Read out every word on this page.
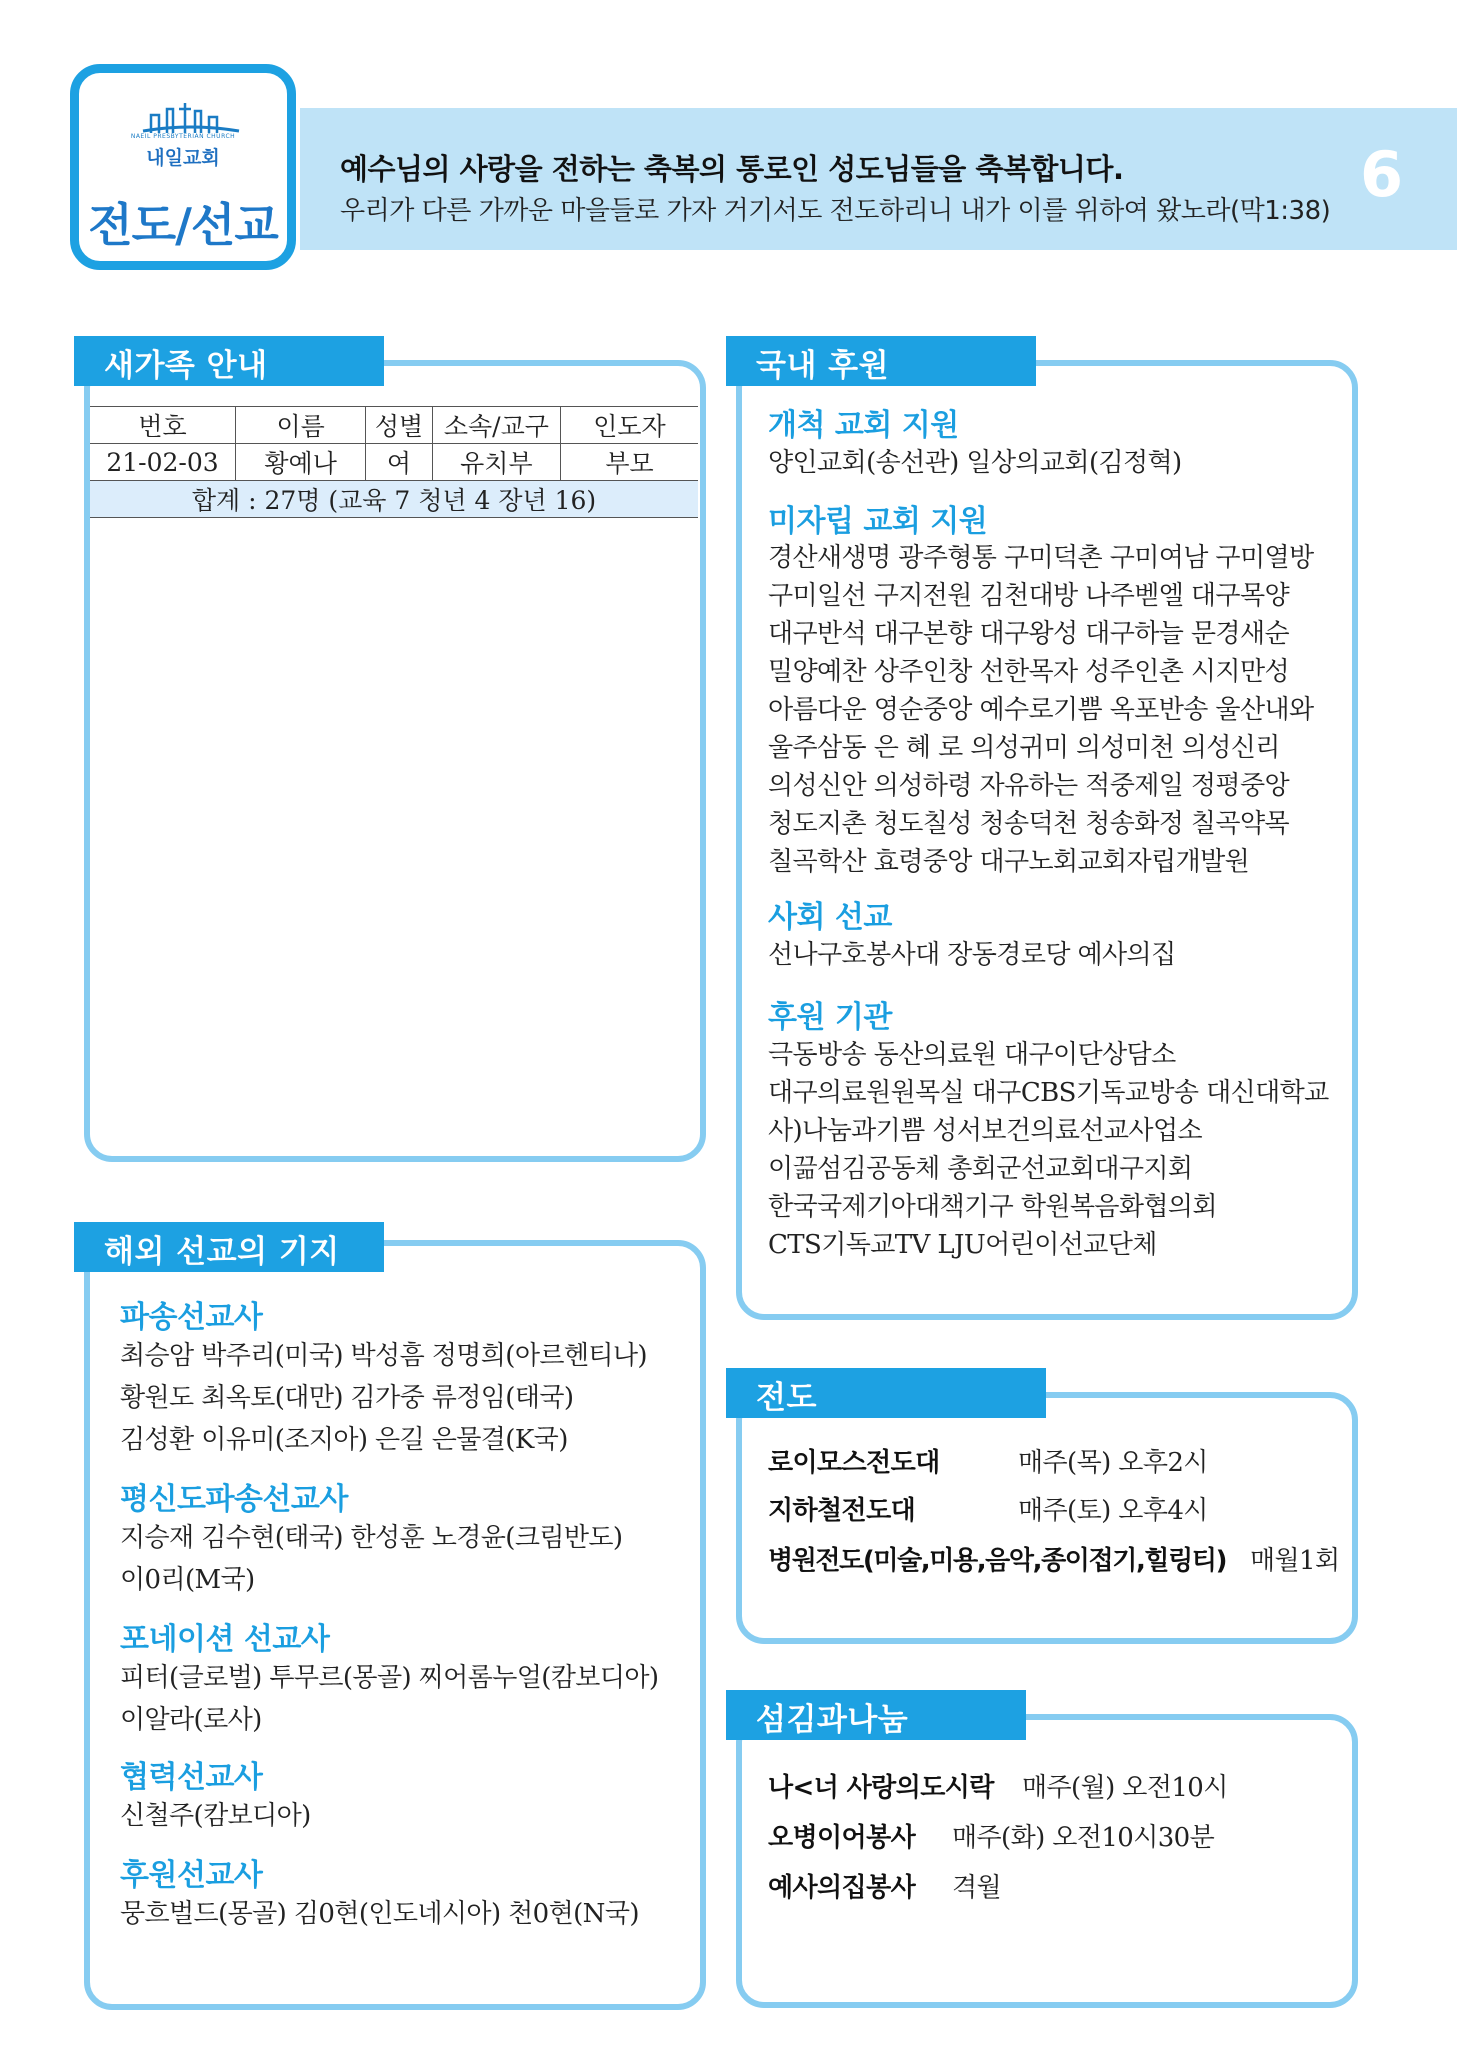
NAEIL PRESBYTERIAN CHURCH
내일교회
전도/선교
예수님의 사랑을 전하는 축복의 통로인 성도님들을 축복합니다.
우리가 다른 가까운 마을들로 가자 거기서도 전도하리니 내가 이를 위하여 왔노라(막1:38) 6
새가족 안내
번호	이름	성별	소속/교구	인도자
21-02-03	황예나	여	유치부	부모
합계 : 27명 (교육 7 청년 4 장년 16)				
해외 선교의 기지
파송선교사
최승암 박주리(미국) 박성흠 정명희(아르헨티나)
황원도 최옥토(대만) 김가중 류정임(태국)
김성환 이유미(조지아) 은길 은물결(K국)
평신도파송선교사
지승재 김수현(태국) 한성훈 노경윤(크림반도)
이0리(M국)
포네이션 선교사
피터(글로벌) 투무르(몽골) 찌어롬누얼(캄보디아)
이알라(로사)
협력선교사
신철주(캄보디아)
후원선교사
뭉흐벌드(몽골) 김0현(인도네시아) 천0현(N국)
국내 후원
개척 교회 지원
양인교회(송선관) 일상의교회(김정혁)
미자립 교회 지원
경산새생명 광주형통 구미덕촌 구미여남 구미열방
구미일선 구지전원 김천대방 나주벧엘 대구목양
대구반석 대구본향 대구왕성 대구하늘 문경새순
밀양예찬 상주인창 선한목자 성주인촌 시지만성
아름다운 영순중앙 예수로기쁨 옥포반송 울산내와
울주삼동 은 혜 로 의성귀미 의성미천 의성신리
의성신안 의성하령 자유하는 적중제일 정평중앙
청도지촌 청도칠성 청송덕천 청송화정 칠곡약목
칠곡학산 효령중앙 대구노회교회자립개발원
사회 선교
선나구호봉사대 장동경로당 예사의집
후원 기관
극동방송 동산의료원 대구이단상담소
대구의료원원목실 대구CBS기독교방송 대신대학교
사)나눔과기쁨 성서보건의료선교사업소
이끎섬김공동체 총회군선교회대구지회
한국국제기아대책기구 학원복음화협의회
CTS기독교TV LJU어린이선교단체
전도
로이모스전도대	매주(목) 오후2시
지하철전도대	매주(토) 오후4시
병원전도(미술,미용,음악,종이접기,힐링티) 매월1회
섬김과나눔
나<너 사랑의도시락 매주(월) 오전10시
오병이어봉사 매주(화) 오전10시30분
예사의집봉사 격월
